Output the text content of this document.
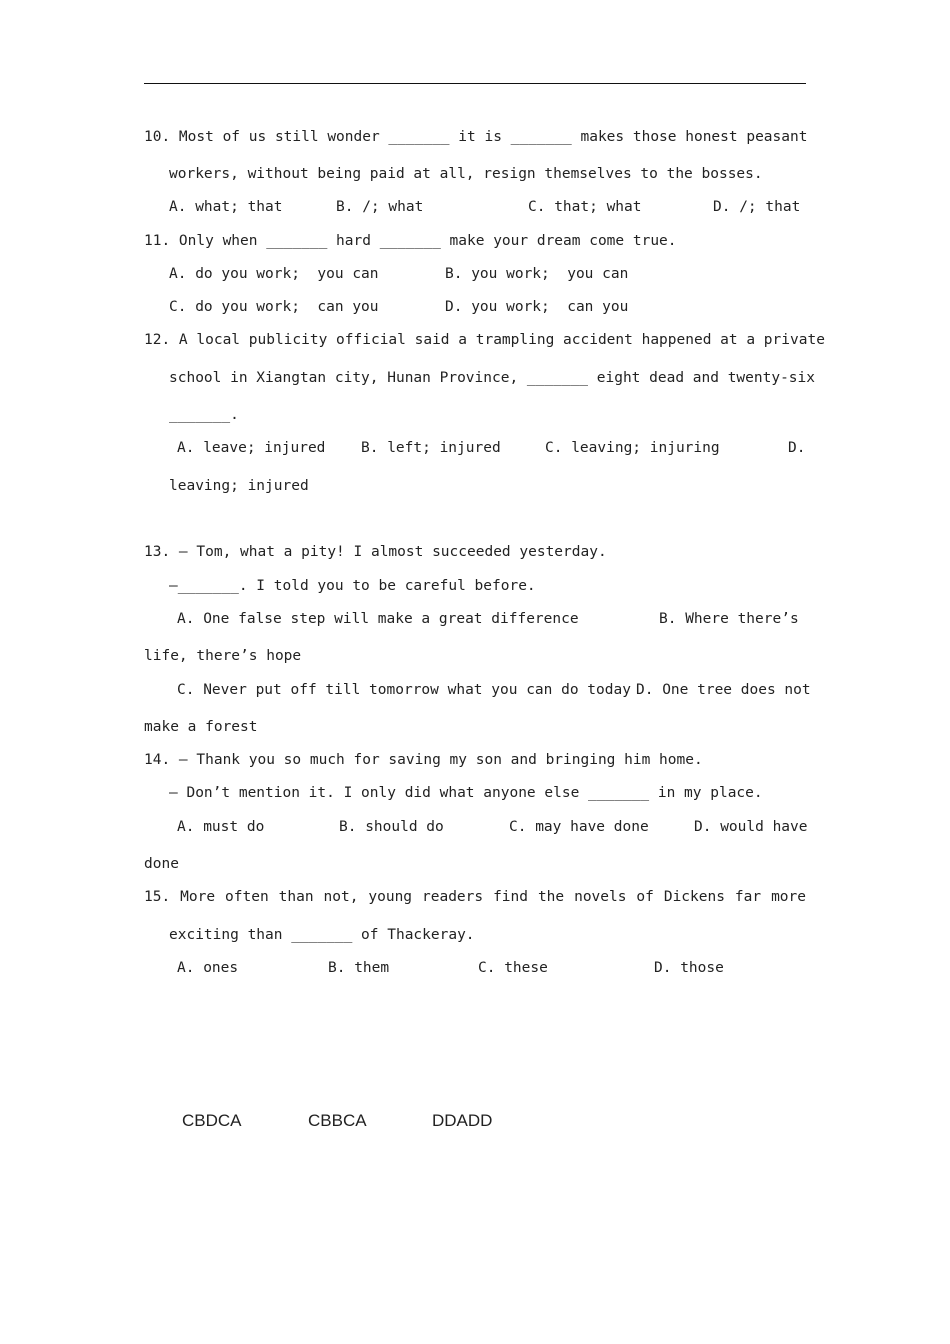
10. Most of us still wonder _______ it is _______ makes those honest peasant
workers, without being paid at all, resign themselves to the bosses.
A. what; that	B. /; what	C. that; what	D. /; that
11. Only when _______ hard _______ make your dream come true.
A. do you work;  you can	B. you work;  you can
C. do you work;  can you	D. you work;  can you
12. A local publicity official said a trampling accident happened at a private
school in Xiangtan city, Hunan Province, _______ eight dead and twenty-six
_______.
A. leave; injured B. left; injured	C. leaving; injuring	D.
leaving; injured
13. — Tom, what a pity! I almost succeeded yesterday.
—_______. I told you to be careful before.
A. One false step will make a great difference	B. Where there’s
life, there’s hope
C. Never put off till tomorrow what you can do today D. One tree does not
make a forest
14. — Thank you so much for saving my son and bringing him home.
— Don’t mention it. I only did what anyone else _______ in my place.
A. must do	B. should do	C. may have done	D. would have
done
15. More often than not, young readers find the novels of Dickens far more
exciting than _______ of Thackeray.
A. ones	B. them	C. these	D. those
CBDCA	CBBCA	DDADD
